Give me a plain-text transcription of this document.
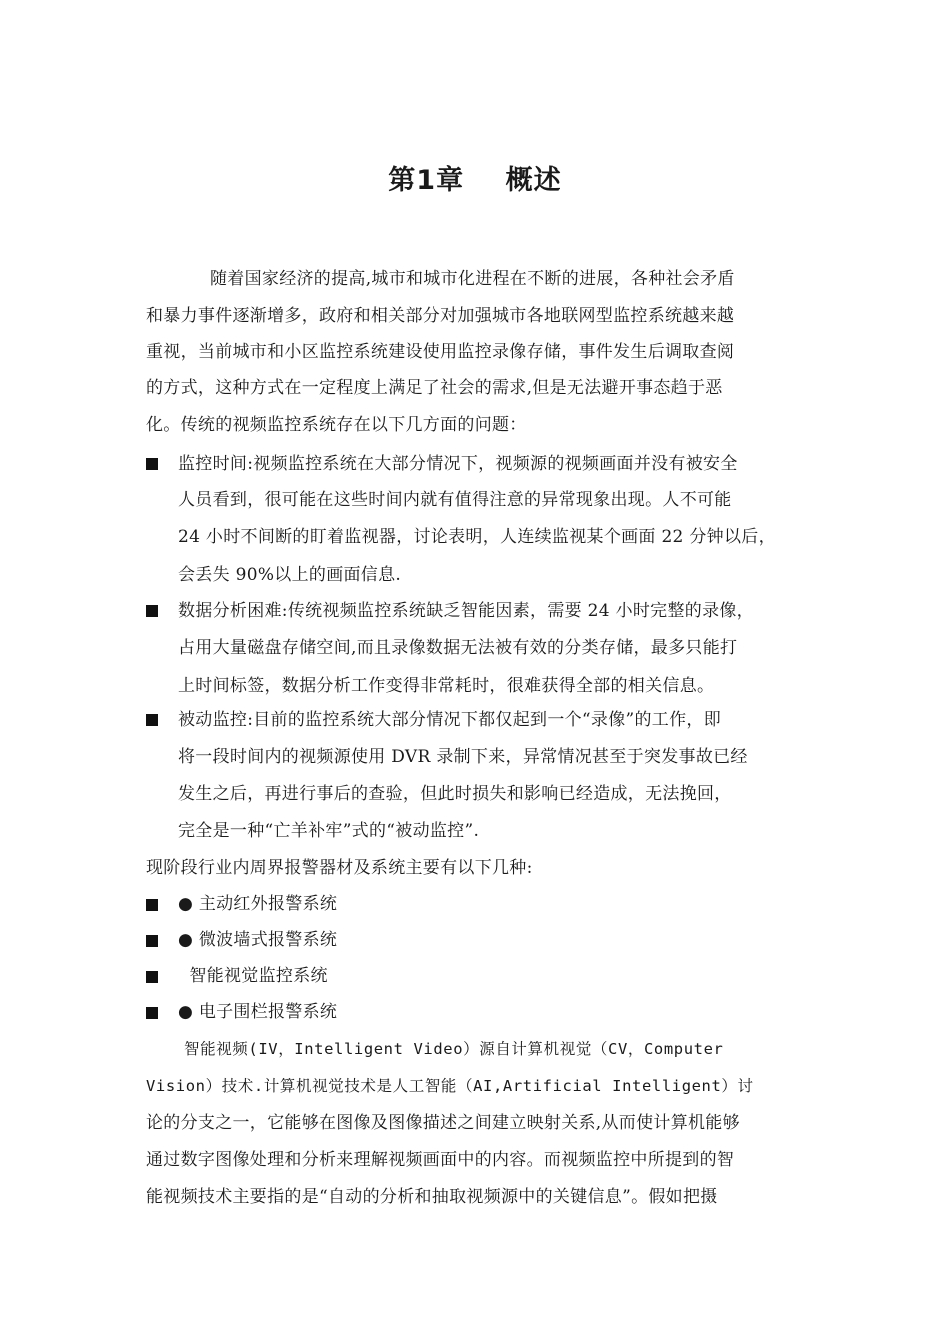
第1章    概述
随着国家经济的提高,城市和城市化进程在不断的进展，各种社会矛盾
和暴力事件逐渐增多，政府和相关部分对加强城市各地联网型监控系统越来越
重视，当前城市和小区监控系统建设使用监控录像存储，事件发生后调取查阅
的方式，这种方式在一定程度上满足了社会的需求,但是无法避开事态趋于恶
化。传统的视频监控系统存在以下几方面的问题：
监控时间:视频监控系统在大部分情况下，视频源的视频画面并没有被安全
人员看到，很可能在这些时间内就有值得注意的异常现象出现。人不可能
24 小时不间断的盯着监视器，讨论表明，人连续监视某个画面 22 分钟以后，
会丢失 90%以上的画面信息.
数据分析困难:传统视频监控系统缺乏智能因素，需要 24 小时完整的录像，
占用大量磁盘存储空间,而且录像数据无法被有效的分类存储，最多只能打
上时间标签，数据分析工作变得非常耗时，很难获得全部的相关信息。
被动监控:目前的监控系统大部分情况下都仅起到一个“录像”的工作，即
将一段时间内的视频源使用 DVR 录制下来，异常情况甚至于突发事故已经
发生之后，再进行事后的查验，但此时损失和影响已经造成，无法挽回，
完全是一种“亡羊补牢”式的“被动监控”.
现阶段行业内周界报警器材及系统主要有以下几种:
● 主动红外报警系统
● 微波墙式报警系统
智能视觉监控系统
● 电子围栏报警系统
智能视频(IV，Intelligent Video）源自计算机视觉（CV，Computer
Vision）技术.计算机视觉技术是人工智能（AI,Artificial Intelligent）讨
论的分支之一，它能够在图像及图像描述之间建立映射关系,从而使计算机能够
通过数字图像处理和分析来理解视频画面中的内容。而视频监控中所提到的智
能视频技术主要指的是“自动的分析和抽取视频源中的关键信息”。假如把摄
